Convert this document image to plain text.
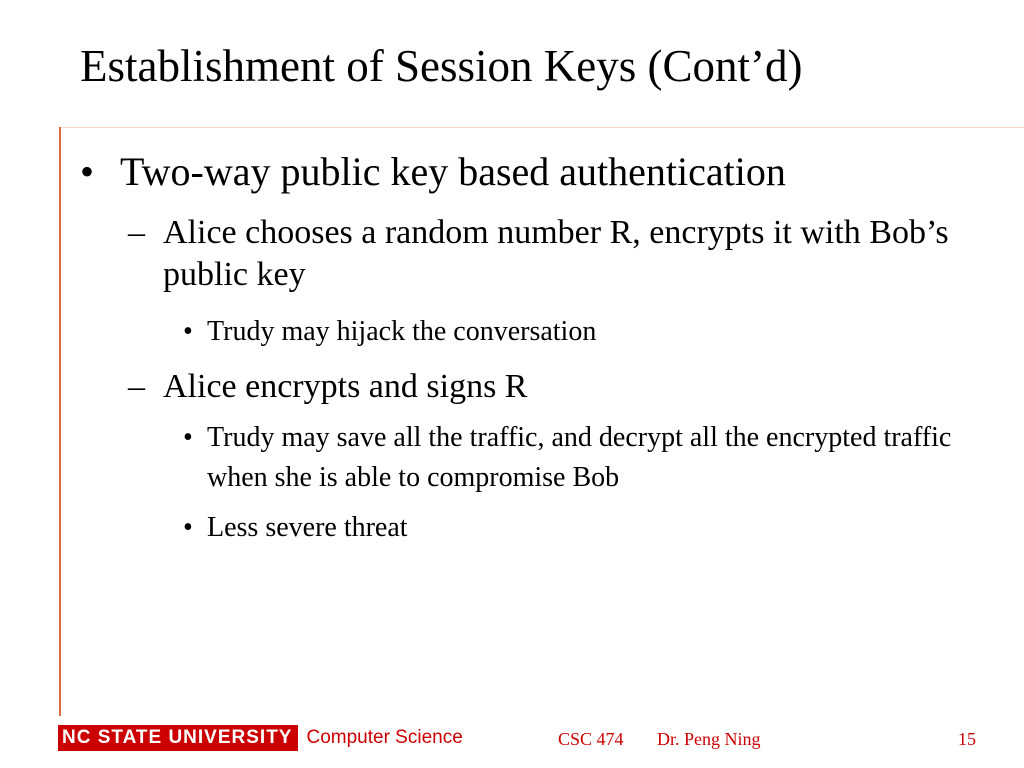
Establishment of Session Keys (Cont’d)
• Two-way public key based authentication
– Alice chooses a random number R, encrypts it with Bob’s public key
• Trudy may hijack the conversation
– Alice encrypts and signs R
• Trudy may save all the traffic, and decrypt all the encrypted traffic when she is able to compromise Bob
• Less severe threat
NC STATE UNIVERSITY Computer Science	CSC 474 Dr. Peng Ning	15
